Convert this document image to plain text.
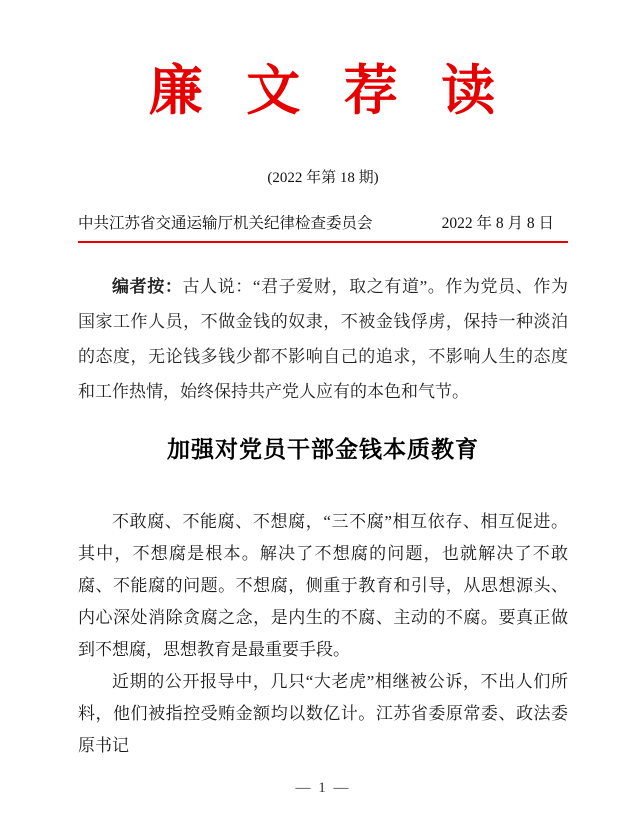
廉 文 荐 读
(2022 年第 18 期)
中共江苏省交通运输厅机关纪律检查委员会	2022 年 8 月 8 日

编者按：古人说：“君子爱财，取之有道”。作为党员、作为国家工作人员，不做金钱的奴隶，不被金钱俘虏，保持一种淡泊的态度，无论钱多钱少都不影响自己的追求，不影响人生的态度和工作热情，始终保持共产党人应有的本色和气节。

加强对党员干部金钱本质教育

不敢腐、不能腐、不想腐，“三不腐”相互依存、相互促进。其中，不想腐是根本。解决了不想腐的问题，也就解决了不敢腐、不能腐的问题。不想腐，侧重于教育和引导，从思想源头、内心深处消除贪腐之念，是内生的不腐、主动的不腐。要真正做到不想腐，思想教育是最重要手段。

近期的公开报导中，几只“大老虎”相继被公诉，不出人们所料，他们被指控受贿金额均以数亿计。江苏省委原常委、政法委原书记

— 1 —
